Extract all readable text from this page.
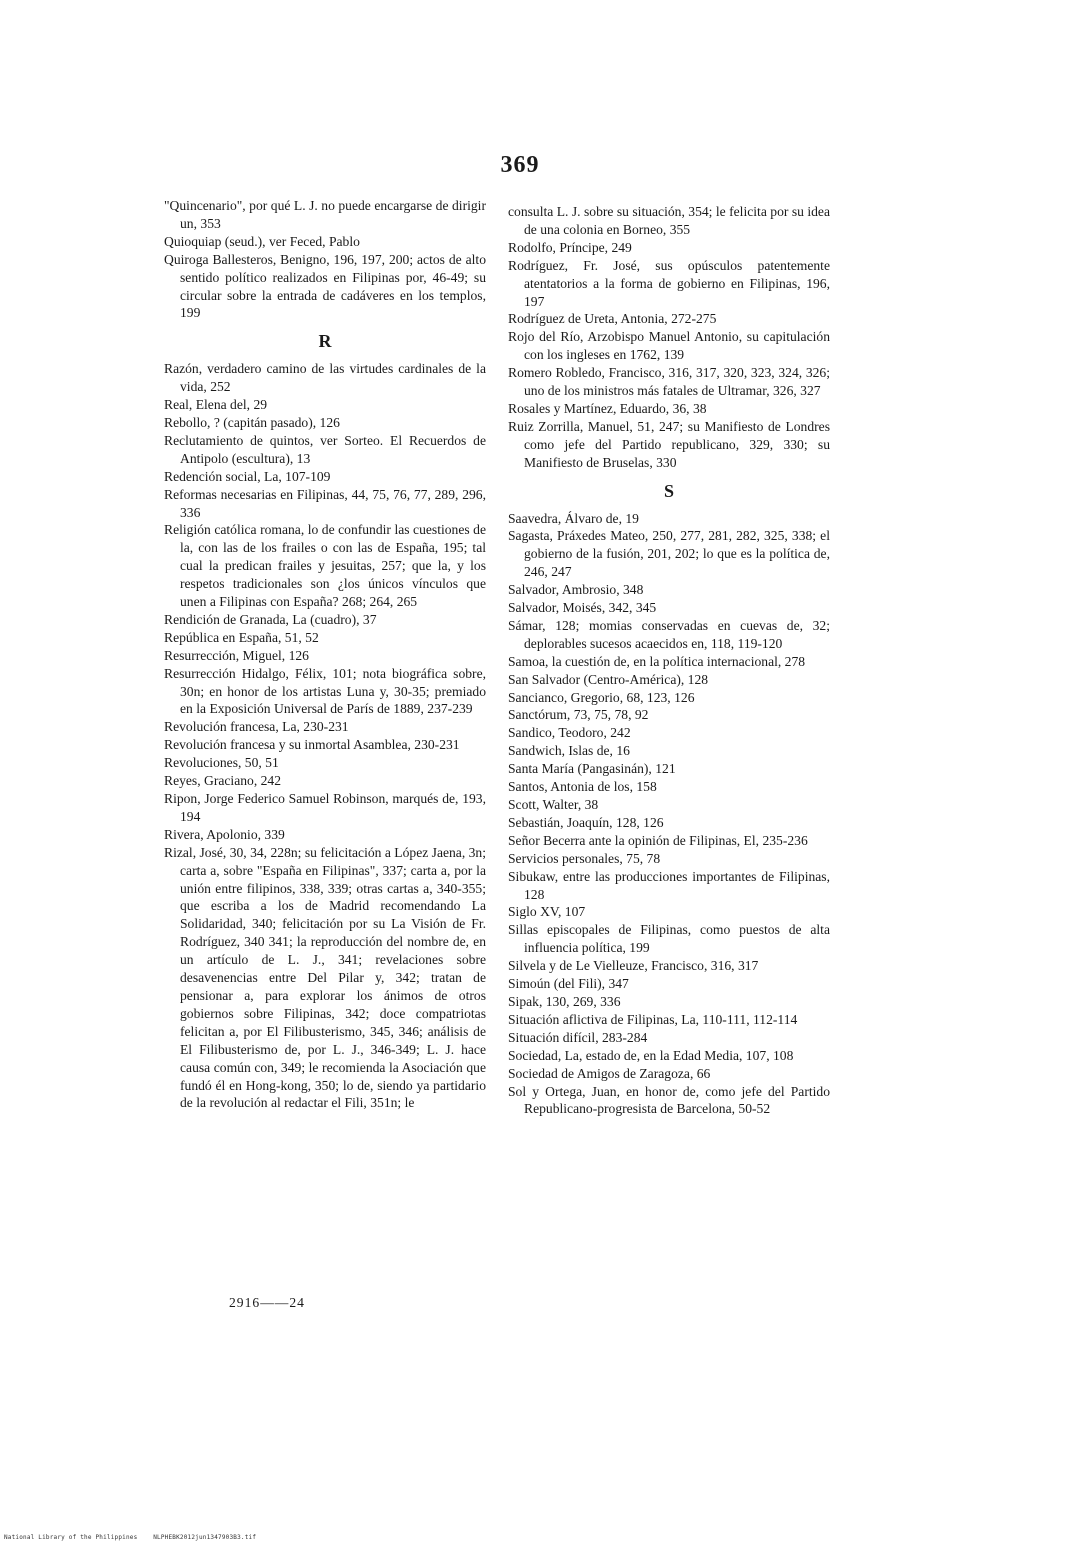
369
"Quincenario", por qué L. J. no puede encargarse de dirigir un, 353
Quioquiap (seud.), ver Feced, Pablo
Quiroga Ballesteros, Benigno, 196, 197, 200; actos de alto sentido político realizados en Filipinas por, 46-49; su circular sobre la entrada de cadáveres en los templos, 199
R
Razón, verdadero camino de las virtudes cardinales de la vida, 252
Real, Elena del, 29
Rebollo, ? (capitán pasado), 126
Reclutamiento de quintos, ver Sorteo. El Recuerdos de Antipolo (escultura), 13
Redención social, La, 107-109
Reformas necesarias en Filipinas, 44, 75, 76, 77, 289, 296, 336
Religión católica romana, lo de confundir las cuestiones de la, con las de los frailes o con las de España, 195; tal cual la predican frailes y jesuitas, 257; que la, y los respetos tradicionales son ¿los únicos vínculos que unen a Filipinas con España? 268; 264, 265
Rendición de Granada, La (cuadro), 37
República en España, 51, 52
Resurrección, Miguel, 126
Resurrección Hidalgo, Félix, 101; nota biográfica sobre, 30n; en honor de los artistas Luna y, 30-35; premiado en la Exposición Universal de París de 1889, 237-239
Revolución francesa, La, 230-231
Revolución francesa y su inmortal Asamblea, 230-231
Revoluciones, 50, 51
Reyes, Graciano, 242
Ripon, Jorge Federico Samuel Robinson, marqués de, 193, 194
Rivera, Apolonio, 339
Rizal, José, 30, 34, 228n; su felicitación a López Jaena, 3n; carta a, sobre "España en Filipinas", 337; carta a, por la unión entre filipinos, 338, 339; otras cartas a, 340-355; que escriba a los de Madrid recomendando La Solidaridad, 340; felicitación por su La Visión de Fr. Rodríguez, 340 341; la reproducción del nombre de, en un artículo de L. J., 341; revelaciones sobre desavenencias entre Del Pilar y, 342; tratan de pensionar a, para explorar los ánimos de otros gobiernos sobre Filipinas, 342; doce compatriotas felicitan a, por El Filibusterismo, 345, 346; análisis de El Filibusterismo de, por L. J., 346-349; L. J. hace causa común con, 349; le recomienda la Asociación que fundó él en Hong-kong, 350; lo de, siendo ya partidario de la revolución al redactar el Fili, 351n; le
consulta L. J. sobre su situación, 354; le felicita por su idea de una colonia en Borneo, 355
Rodolfo, Príncipe, 249
Rodríguez, Fr. José, sus opúsculos patentemente atentatorios a la forma de gobierno en Filipinas, 196, 197
Rodríguez de Ureta, Antonia, 272-275
Rojo del Río, Arzobispo Manuel Antonio, su capitulación con los ingleses en 1762, 139
Romero Robledo, Francisco, 316, 317, 320, 323, 324, 326; uno de los ministros más fatales de Ultramar, 326, 327
Rosales y Martínez, Eduardo, 36, 38
Ruiz Zorrilla, Manuel, 51, 247; su Manifiesto de Londres como jefe del Partido republicano, 329, 330; su Manifiesto de Bruselas, 330
S
Saavedra, Álvaro de, 19
Sagasta, Práxedes Mateo, 250, 277, 281, 282, 325, 338; el gobierno de la fusión, 201, 202; lo que es la política de, 246, 247
Salvador, Ambrosio, 348
Salvador, Moisés, 342, 345
Sámar, 128; momias conservadas en cuevas de, 32; deplorables sucesos acaecidos en, 118, 119-120
Samoa, la cuestión de, en la política internacional, 278
San Salvador (Centro-América), 128
Sancianco, Gregorio, 68, 123, 126
Sanctórum, 73, 75, 78, 92
Sandico, Teodoro, 242
Sandwich, Islas de, 16
Santa María (Pangasinán), 121
Santos, Antonia de los, 158
Scott, Walter, 38
Sebastián, Joaquín, 128, 126
Señor Becerra ante la opinión de Filipinas, El, 235-236
Servicios personales, 75, 78
Sibukaw, entre las producciones importantes de Filipinas, 128
Siglo XV, 107
Sillas episcopales de Filipinas, como puestos de alta influencia política, 199
Silvela y de Le Vielleuze, Francisco, 316, 317
Simoún (del Fili), 347
Sipak, 130, 269, 336
Situación aflictiva de Filipinas, La, 110-111, 112-114
Situación difícil, 283-284
Sociedad, La, estado de, en la Edad Media, 107, 108
Sociedad de Amigos de Zaragoza, 66
Sol y Ortega, Juan, en honor de, como jefe del Partido Republicano-progresista de Barcelona, 50-52
2916——24
National Library of the Philippines	NLPHEBK2012jun1347903B3.tif
